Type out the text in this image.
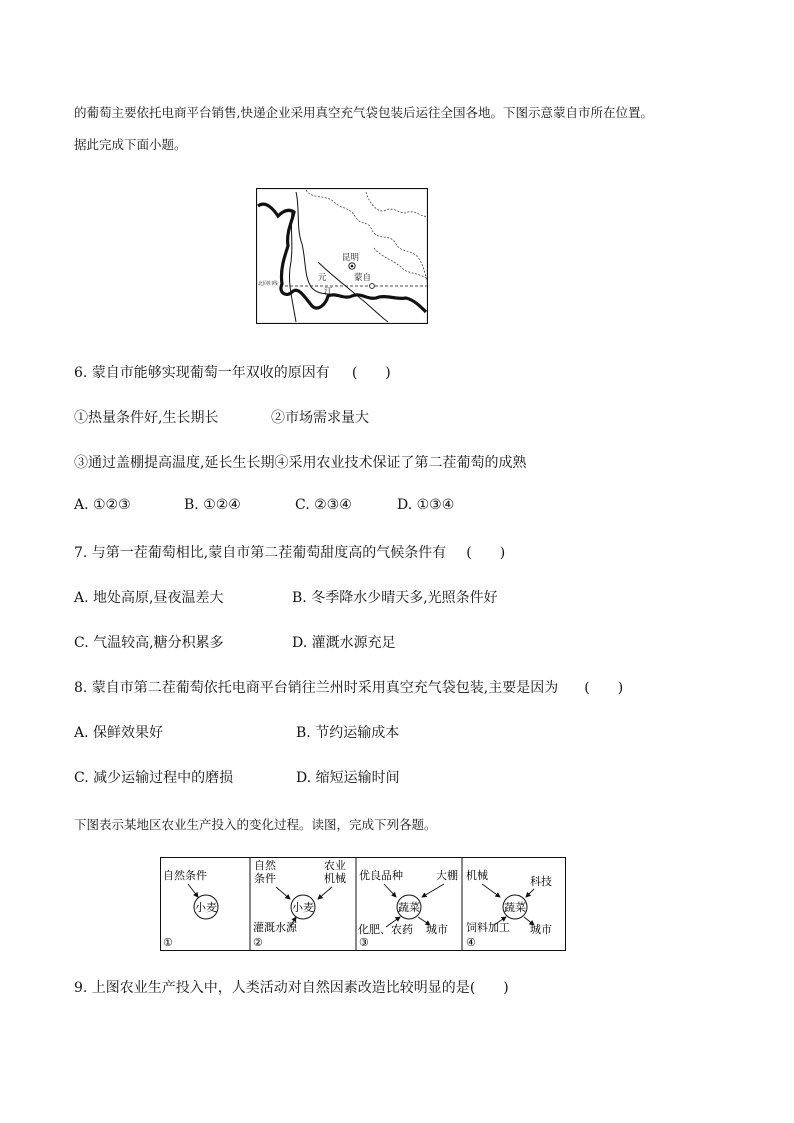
的葡萄主要依托电商平台销售,快递企业采用真空充气袋包装后运往全国各地。下图示意蒙自市所在位置。
据此完成下面小题。
昆明
蒙自
元
江
北回归线
6. 蒙自市能够实现葡萄一年双收的原因有 (　　)
①热量条件好,生长期长	②市场需求量大
③通过盖棚提高温度,延长生长期④采用农业技术保证了第二茬葡萄的成熟
A. ①②③	B. ①②④	C. ②③④	D. ①③④
7. 与第一茬葡萄相比,蒙自市第二茬葡萄甜度高的气候条件有 (　　)
A. 地处高原,昼夜温差大	B. 冬季降水少晴天多,光照条件好
C. 气温较高,糖分积累多	D. 灌溉水源充足
8. 蒙自市第二茬葡萄依托电商平台销往兰州时采用真空充气袋包装,主要是因为 (　　)
A. 保鲜效果好	B. 节约运输成本
C. 减少运输过程中的磨损	D. 缩短运输时间
下图表示某地区农业生产投入的变化过程。读图，完成下列各题。
自然条件
小麦
①
自然
条件
农业
机械
小麦
灌溉水源
②
优良品种	大棚
蔬菜
化肥、农药 城市
③
机械	科技
蔬菜
饲料加工 城市
④
9. 上图农业生产投入中，人类活动对自然因素改造比较明显的是(　　)
